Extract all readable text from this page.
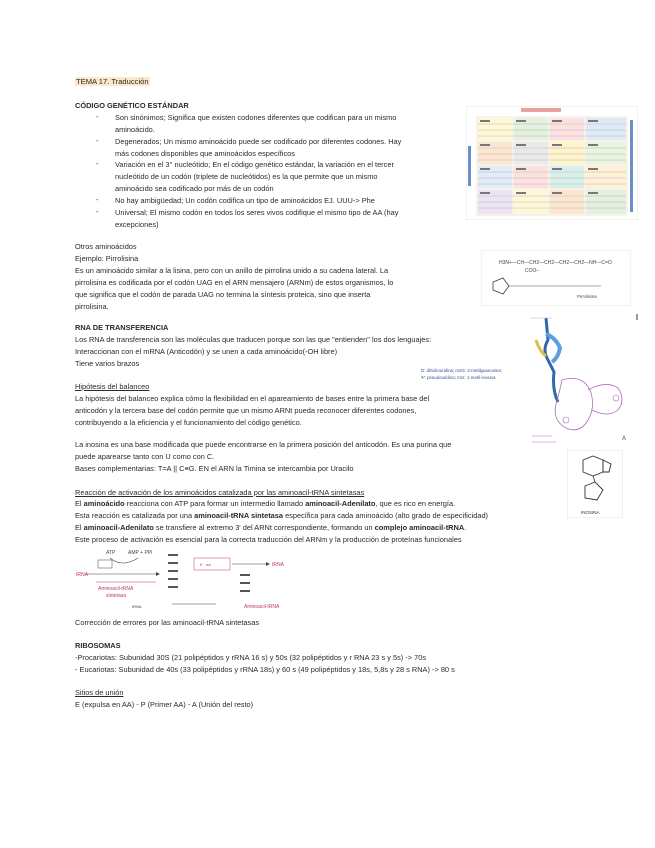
TEMA 17. Traducción
CÓDIGO GENÉTICO ESTÁNDAR
- Son sinónimos; Significa que existen codones diferentes que codifican para un mismo
aminoácido.
- Degenerados; Un mismo aminoácido puede ser codificado por diferentes codones. Hay
más codones disponibles que aminoácidos específicos
- Variación en el 3° nucleótido; En el código genético estándar, la variación en el tercer
nucleótido de un codón (triplete de nucleótidos) es la que permite que un mismo
aminoácido sea codificado por más de un codón
- No hay ambigüedad; Un codón codifica un tipo de aminoácidos EJ. UUU-> Phe
- Universal; El mismo codón en todos los seres vivos codifique el mismo tipo de AA (hay
excepciones)
Otros aminoácidos
Ejemplo: Pirrolisina
Es un aminoácido similar a la lisina, pero con un anillo de pirrolina unido a su cadena lateral. La
pirrolisina es codificada por el codón UAG en el ARN mensajero (ARNm) de estos organismos, lo
que significa que el codón de parada UAG no termina la síntesis proteica, sino que inserta
pirrolisina.
RNA DE TRANSFERENCIA
Los RNA de transferencia son las moléculas que traducen porque son las que "entienden" los dos lenguajes:
Interaccionan con el mRNA (Anticodón) y se unen a cada aminoácido(-OH libre)
Tiene varios brazos
Hipótesis del balanceo
La hipótesis del balanceo explica cómo la flexibilidad en el apareamiento de bases entre la primera base del
anticodón y la tercera base del codón permite que un mismo ARNt pueda reconocer diferentes codones,
contribuyendo a la eficiencia y el funcionamiento del código genético.
La inosina es una base modificada que puede encontrarse en la primera posición del anticodón. Es una purina que
puede aparearse tanto con U como con C.
Bases complementarias: T=A || C≡G. EN el ARN la Timina se intercambia por Uracilo
Reacción de activación de los aminoácidos catalizada por las aminoacil-tRNA sintetasas
El aminoácido reacciona con ATP para formar un intermedio llamado aminoacil-Adenilato, que es rico en energía.
Esta reacción es catalizada por una aminoacil-tRNA sintetasa específica para cada aminoácido (alto grado de especificidad)
El aminoacil-Adenilato se transfiere al extremo 3' del ARNt correspondiente, formando un complejo aminoacil-tRNA.
Este proceso de activación es esencial para la correcta traducción del ARNm y la producción de proteínas funcionales
Corrección de errores por las aminoacil-tRNA sintetasas
RIBOSOMAS
-Procariotas: Subunidad 30S (21 polipéptidos y rRNA 16 s) y 50s (32 polipéptidos y r RNA 23 s y 5s) -> 70s
- Eucariotas: Subunidad de 40s (33 polipéptidos y rRNA 18s) y 60 s (49 polipéptidos y 18s, 5,8s y 28 s RNA) -> 80 s
Sitios de unión
E (expulsa en AA) - P (Primer AA) - A (Unión del resto)
H3N+—CH—CH2—CH2—CH2—CH2—NH—C=O
COO−
Pirrolisina
A
D: dihidrouridina; m2G: 2-metilguanosina;
Ψ: pseudouridina; m1I: 1-metil-inosina
INOSINA
ATP	AMP + PPi
tRNA
Aminoacil-tRNA
sintetasa
E · aa	tRNA
Aminoacil-tRNA
tRNA
